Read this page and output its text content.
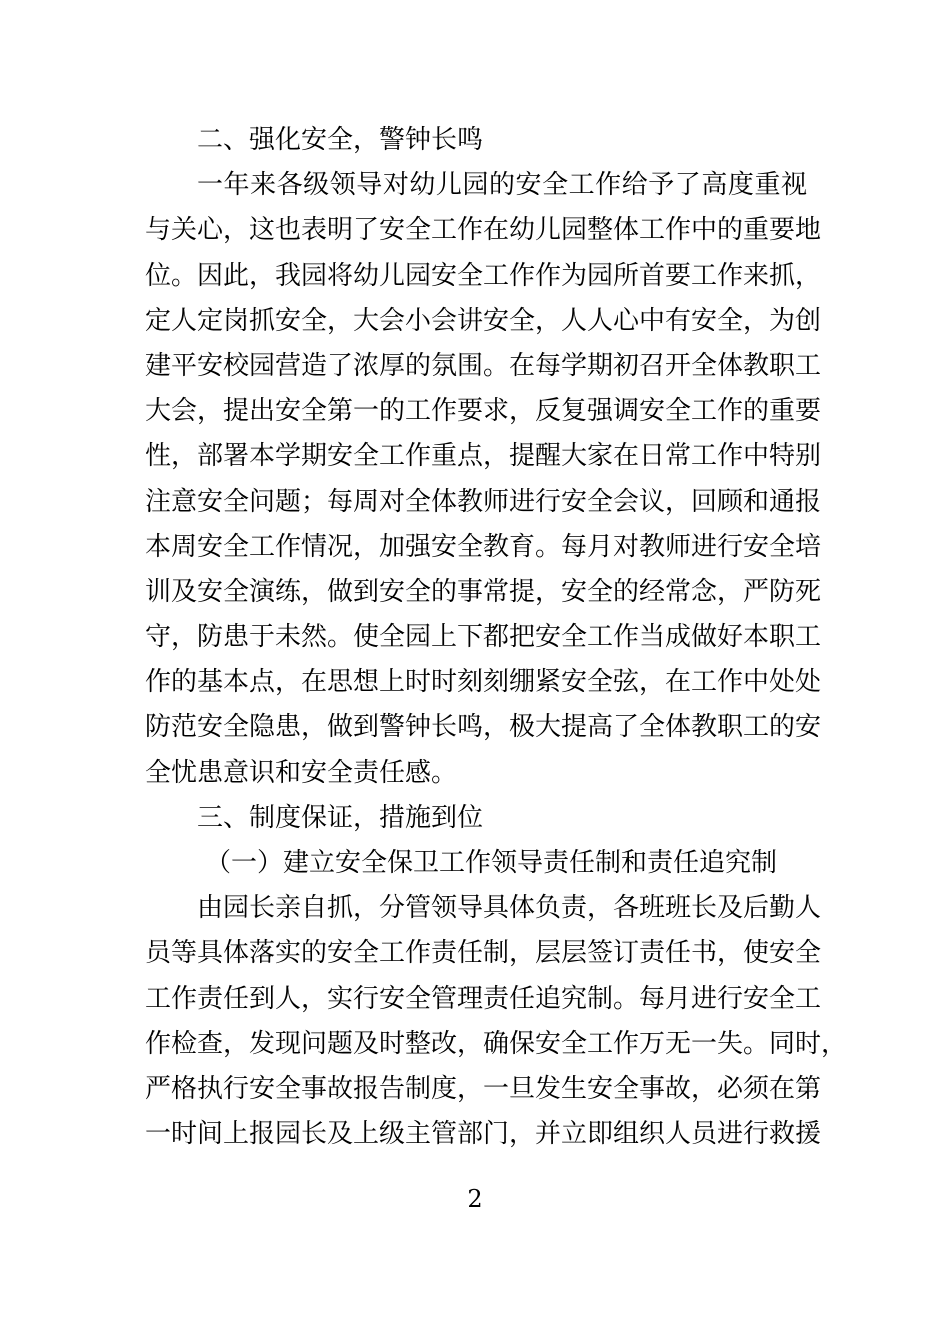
二、强化安全，警钟长鸣
一年来各级领导对幼儿园的安全工作给予了高度重视
与关心，这也表明了安全工作在幼儿园整体工作中的重要地
位。因此，我园将幼儿园安全工作作为园所首要工作来抓，
定人定岗抓安全，大会小会讲安全，人人心中有安全，为创
建平安校园营造了浓厚的氛围。在每学期初召开全体教职工
大会，提出安全第一的工作要求，反复强调安全工作的重要
性，部署本学期安全工作重点，提醒大家在日常工作中特别
注意安全问题；每周对全体教师进行安全会议，回顾和通报
本周安全工作情况，加强安全教育。每月对教师进行安全培
训及安全演练，做到安全的事常提，安全的经常念，严防死
守，防患于未然。使全园上下都把安全工作当成做好本职工
作的基本点，在思想上时时刻刻绷紧安全弦，在工作中处处
防范安全隐患，做到警钟长鸣，极大提高了全体教职工的安
全忧患意识和安全责任感。
三、制度保证，措施到位
（一）建立安全保卫工作领导责任制和责任追究制
由园长亲自抓，分管领导具体负责，各班班长及后勤人
员等具体落实的安全工作责任制，层层签订责任书，使安全
工作责任到人，实行安全管理责任追究制。每月进行安全工
作检查，发现问题及时整改，确保安全工作万无一失。同时，
严格执行安全事故报告制度，一旦发生安全事故，必须在第
一时间上报园长及上级主管部门，并立即组织人员进行救援
2
